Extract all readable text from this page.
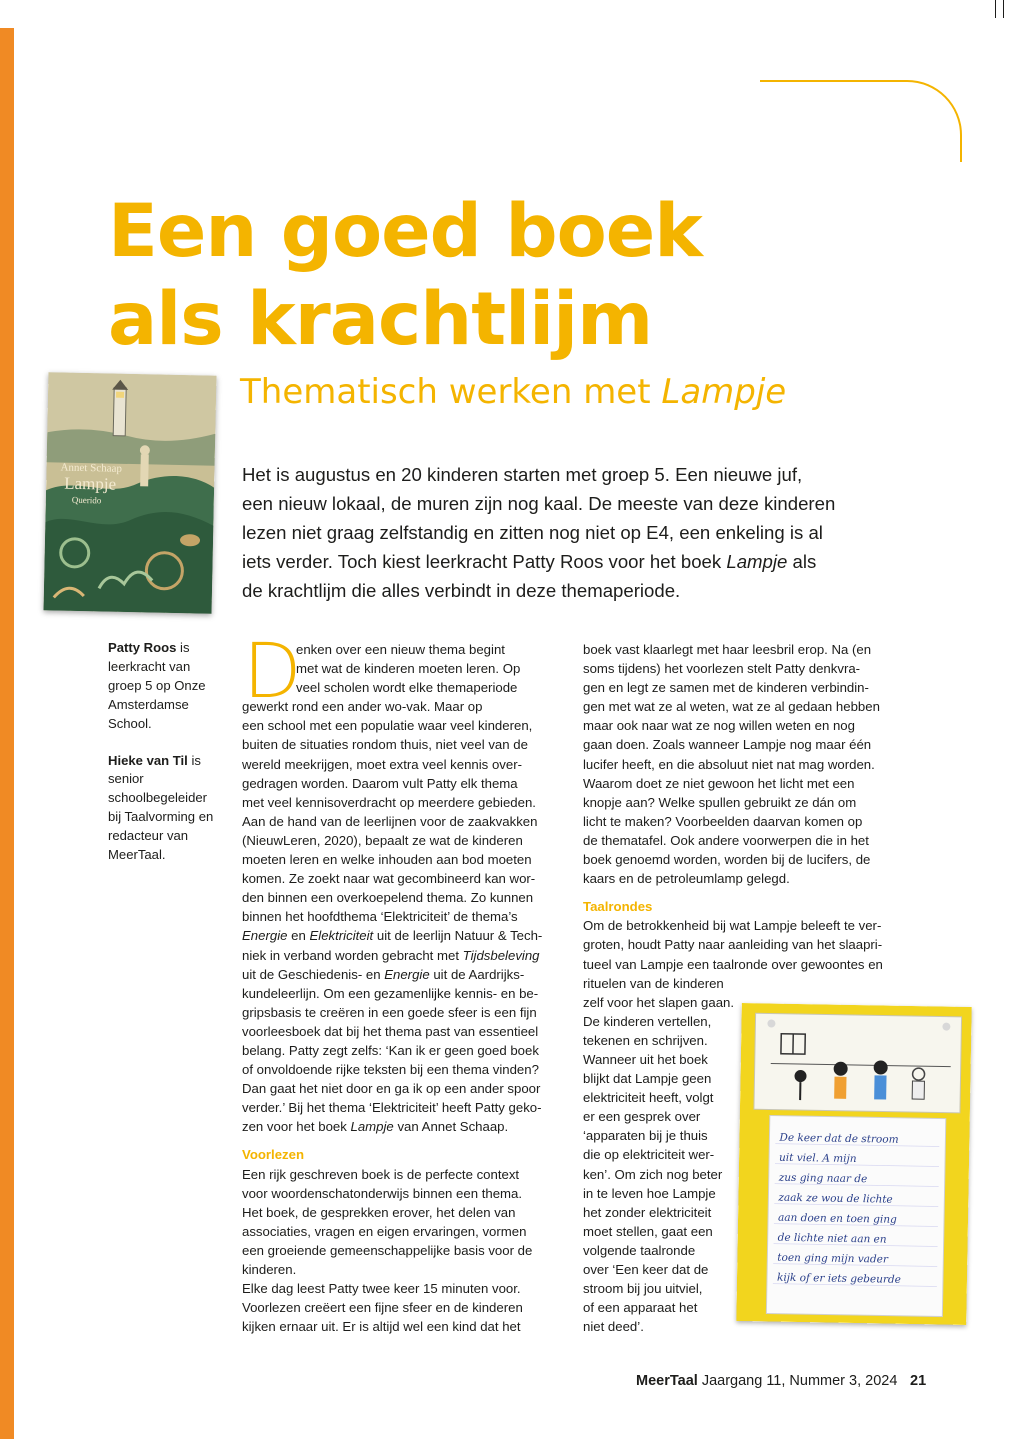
Een goed boek
als krachtlijm
Thematisch werken met Lampje
Annet Schaap
Lampje
Querido

Het is augustus en 20 kinderen starten met groep 5. Een nieuwe juf,
een nieuw lokaal, de muren zijn nog kaal. De meeste van deze kinderen
lezen niet graag zelfstandig en zitten nog niet op E4, een enkeling is al
iets verder. Toch kiest leerkracht Patty Roos voor het boek Lampje als
de krachtlijm die alles verbindt in deze themaperiode.

Patty Roos is leerkracht van groep 5 op Onze Amsterdamse School.

Hieke van Til is senior schoolbegeleider bij Taalvorming en redacteur van MeerTaal.

D
enken over een nieuw thema begint
met wat de kinderen moeten leren. Op
veel scholen wordt elke themaperiode
gewerkt rond een ander wo-vak. Maar op
een school met een populatie waar veel kinderen,
buiten de situaties rondom thuis, niet veel van de
wereld meekrijgen, moet extra veel kennis over-
gedragen worden. Daarom vult Patty elk thema
met veel kennisoverdracht op meerdere gebieden.
Aan de hand van de leerlijnen voor de zaakvakken
(NieuwLeren, 2020), bepaalt ze wat de kinderen
moeten leren en welke inhouden aan bod moeten
komen. Ze zoekt naar wat gecombineerd kan wor-
den binnen een overkoepelend thema. Zo kunnen
binnen het hoofdthema ‘Elektriciteit’ de thema’s
Energie en Elektriciteit uit de leerlijn Natuur & Tech-
niek in verband worden gebracht met Tijdsbeleving
uit de Geschiedenis- en Energie uit de Aardrijks-
kundeleerlijn. Om een gezamenlijke kennis- en be-
gripsbasis te creëren in een goede sfeer is een fijn
voorleesboek dat bij het thema past van essentieel
belang. Patty zegt zelfs: ‘Kan ik er geen goed boek
of onvoldoende rijke teksten bij een thema vinden?
Dan gaat het niet door en ga ik op een ander spoor
verder.’ Bij het thema ‘Elektriciteit’ heeft Patty geko-
zen voor het boek Lampje van Annet Schaap.
Voorlezen
Een rijk geschreven boek is de perfecte context
voor woordenschatonderwijs binnen een thema.
Het boek, de gesprekken erover, het delen van
associaties, vragen en eigen ervaringen, vormen
een groeiende gemeenschappelijke basis voor de
kinderen.
Elke dag leest Patty twee keer 15 minuten voor.
Voorlezen creëert een fijne sfeer en de kinderen
kijken ernaar uit. Er is altijd wel een kind dat het
boek vast klaarlegt met haar leesbril erop. Na (en
soms tijdens) het voorlezen stelt Patty denkvra-
gen en legt ze samen met de kinderen verbindin-
gen met wat ze al weten, wat ze al gedaan hebben
maar ook naar wat ze nog willen weten en nog
gaan doen. Zoals wanneer Lampje nog maar één
lucifer heeft, en die absoluut niet nat mag worden.
Waarom doet ze niet gewoon het licht met een
knopje aan? Welke spullen gebruikt ze dán om
licht te maken? Voorbeelden daarvan komen op
de thematafel. Ook andere voorwerpen die in het
boek genoemd worden, worden bij de lucifers, de
kaars en de petroleumlamp gelegd.
Taalrondes
Om de betrokkenheid bij wat Lampje beleeft te ver-
groten, houdt Patty naar aanleiding van het slaapri-
tueel van Lampje een taalronde over gewoontes en
rituelen van de kinderen
zelf voor het slapen gaan.
De kinderen vertellen,
tekenen en schrijven.
Wanneer uit het boek
blijkt dat Lampje geen
elektriciteit heeft, volgt
er een gesprek over
‘apparaten bij je thuis
die op elektriciteit wer-
ken’. Om zich nog beter
in te leven hoe Lampje
het zonder elektriciteit
moet stellen, gaat een
volgende taalronde
over ‘Een keer dat de
stroom bij jou uitviel,
of een apparaat het
niet deed’.
De keer dat de stroom
uit viel. A mijn
zus ging naar de
zaak ze wou de lichte
aan doen en toen ging
de lichte niet aan en
toen ging mijn vader
kijk of er iets gebeurde
MeerTaal Jaargang 11, Nummer 3, 2024 21
